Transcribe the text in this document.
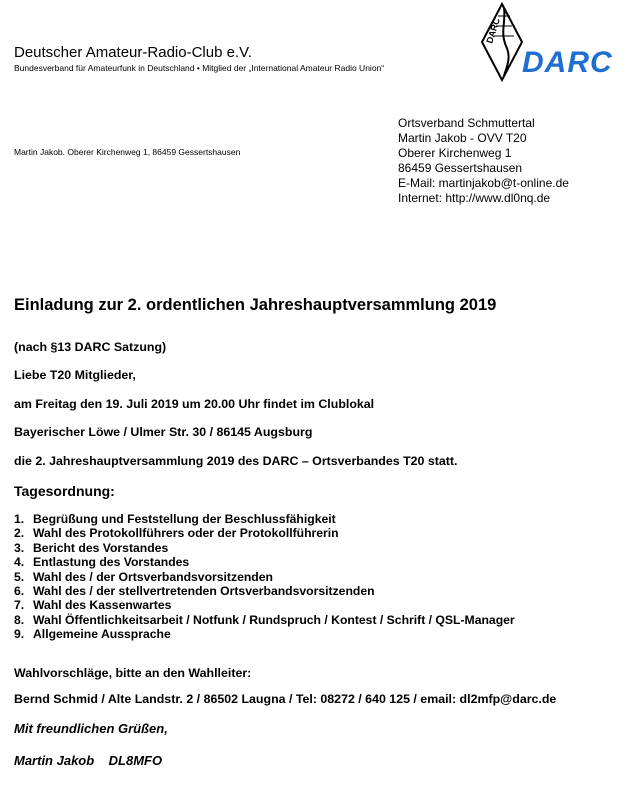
Deutscher Amateur-Radio-Club e.V.
Bundesverband für Amateurfunk in Deutschland • Mitglied der „International Amateur Radio Union“
DARC
DARC
Martin Jakob. Oberer Kirchenweg 1, 86459 Gessertshausen
Ortsverband Schmuttertal
Martin Jakob - OVV T20
Oberer Kirchenweg 1
86459 Gessertshausen
E-Mail: martinjakob@t-online.de
Internet: http://www.dl0nq.de
Einladung zur 2. ordentlichen Jahreshauptversammlung 2019
(nach §13 DARC Satzung)
Liebe T20 Mitglieder,
am Freitag den 19. Juli 2019 um 20.00 Uhr findet im Clublokal
Bayerischer Löwe / Ulmer Str. 30 / 86145 Augsburg
die 2. Jahreshauptversammlung 2019 des DARC – Ortsverbandes T20 statt.
Tagesordnung:
1. Begrüßung und Feststellung der Beschlussfähigkeit
2. Wahl des Protokollführers oder der Protokollführerin
3. Bericht des Vorstandes
4. Entlastung des Vorstandes
5. Wahl des / der Ortsverbandsvorsitzenden
6. Wahl des / der stellvertretenden Ortsverbandsvorsitzenden
7. Wahl des Kassenwartes
8. Wahl Öffentlichkeitsarbeit / Notfunk / Rundspruch / Kontest / Schrift / QSL-Manager
9. Allgemeine Aussprache
Wahlvorschläge, bitte an den Wahlleiter:
Bernd Schmid / Alte Landstr. 2 / 86502 Laugna / Tel: 08272 / 640 125 / email: dl2mfp@darc.de
Mit freundlichen Grüßen,
Martin Jakob    DL8MFO
